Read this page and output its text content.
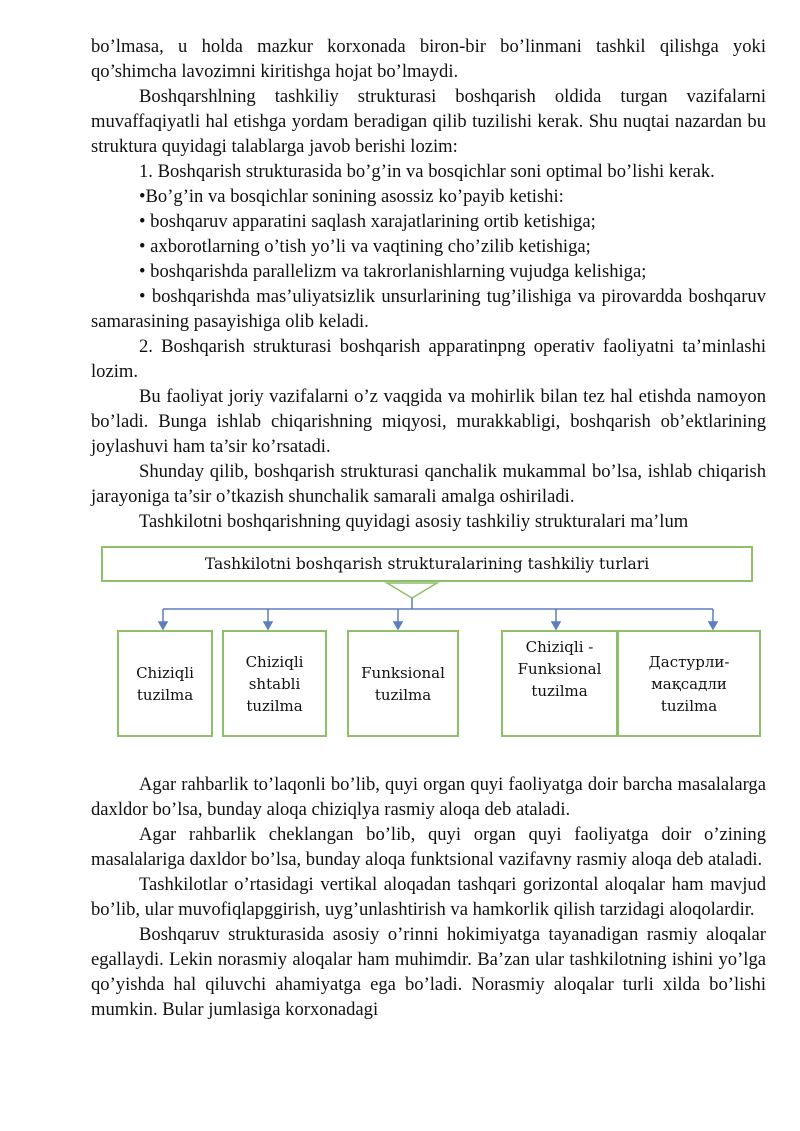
bo’lmasa, u holda mazkur korxonada biron-bir bo’linmani tashkil qilishga yoki qo’shimcha lavozimni kiritishga hojat bo’lmaydi.

Boshqarshlning tashkiliy strukturasi boshqarish oldida turgan vazifalarni muvaffaqiyatli hal etishga yordam beradigan qilib tuzilishi kerak. Shu nuqtai nazardan bu struktura quyidagi talablarga javob berishi lozim:

1. Boshqarish strukturasida bo’g’in va bosqichlar soni optimal bo’lishi kerak.

•Bo’g’in va bosqichlar sonining asossiz ko’payib ketishi:

• boshqaruv apparatini saqlash xarajatlarining ortib ketishiga;

• axborotlarning o’tish yo’li va vaqtining cho’zilib ketishiga;

• boshqarishda parallelizm va takrorlanishlarning vujudga kelishiga;

• boshqarishda mas’uliyatsizlik unsurlarining tug’ilishiga va pirovardda boshqaruv samarasining pasayishiga olib keladi.

2. Boshqarish strukturasi boshqarish apparatinpng operativ faoliyatni ta’minlashi lozim.

Bu faoliyat joriy vazifalarni o’z vaqgida va mohirlik bilan tez hal etishda namoyon bo’ladi. Bunga ishlab chiqarishning miqyosi, murakkabligi, boshqarish ob’ektlarining joylashuvi ham ta’sir ko’rsatadi.

Shunday qilib, boshqarish strukturasi qanchalik mukammal bo’lsa, ishlab chiqarish jarayoniga ta’sir o’tkazish shunchalik samarali amalga oshiriladi.

Tashkilotni boshqarishning quyidagi asosiy tashkiliy strukturalari ma’lum

Tashkilotni boshqarish strukturalarining tashkiliy turlari
Chiziqli
tuzilma
Chiziqli
shtabli
tuzilma
Funksional
tuzilma
Chiziqli -
Funksional
tuzilma
Дастурли-
мақсадли
tuzilma

Agar rahbarlik to’laqonli bo’lib, quyi organ quyi faoliyatga doir barcha masalalarga daxldor bo’lsa, bunday aloqa chiziqlya rasmiy aloqa deb ataladi.

Agar rahbarlik cheklangan bo’lib, quyi organ quyi faoliyatga doir o’zining masalalariga daxldor bo’lsa, bunday aloqa funktsional vazifavny rasmiy aloqa deb ataladi.

Tashkilotlar o’rtasidagi vertikal aloqadan tashqari gorizontal aloqalar ham mavjud bo’lib, ular muvofiqlapggirish, uyg’unlashtirish va hamkorlik qilish tarzidagi aloqolardir.

Boshqaruv strukturasida asosiy o’rinni hokimiyatga tayanadigan rasmiy aloqalar egallaydi. Lekin norasmiy aloqalar ham muhimdir. Ba’zan ular tashkilotning ishini yo’lga qo’yishda hal qiluvchi ahamiyatga ega bo’ladi. Norasmiy aloqalar turli xilda bo’lishi mumkin. Bular jumlasiga korxonadagi
